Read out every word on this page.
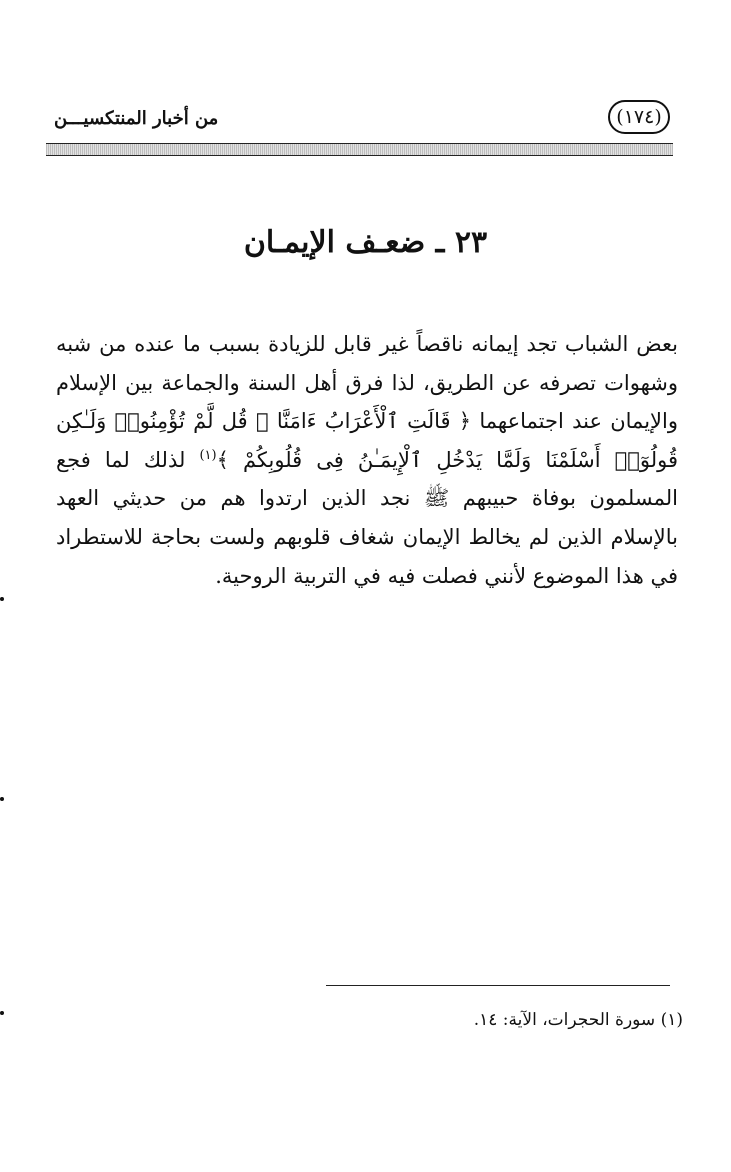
(١٧٤)
من أخبار المنتكسيـــن
٢٣ ـ ضعـف الإيمـان
بعض الشباب تجد إيمانه ناقصاً غير قابل للزيادة بسبب ما عنده من شبه وشهوات تصرفه عن الطريق، لذا فرق أهل السنة والجماعة بين الإسلام والإيمان عند اجتماعهما ﴿ قَالَتِ ٱلْأَعْرَابُ ءَامَنَّا ۖ قُل لَّمْ تُؤْمِنُوا۟ وَلَـٰكِن قُولُوٓا۟ أَسْلَمْنَا وَلَمَّا يَدْخُلِ ٱلْإِيمَـٰنُ فِى قُلُوبِكُمْ ﴾$^{(١)}$ لذلك لما فجع المسلمون بوفاة حبيبهم ﷺ نجد الذين ارتدوا هم من حديثي العهد بالإسلام الذين لم يخالط الإيمان شغاف قلوبهم ولست بحاجة للاستطراد في هذا الموضوع لأنني فصلت فيه في التربية الروحية.
(١) سورة الحجرات، الآية: ١٤.
